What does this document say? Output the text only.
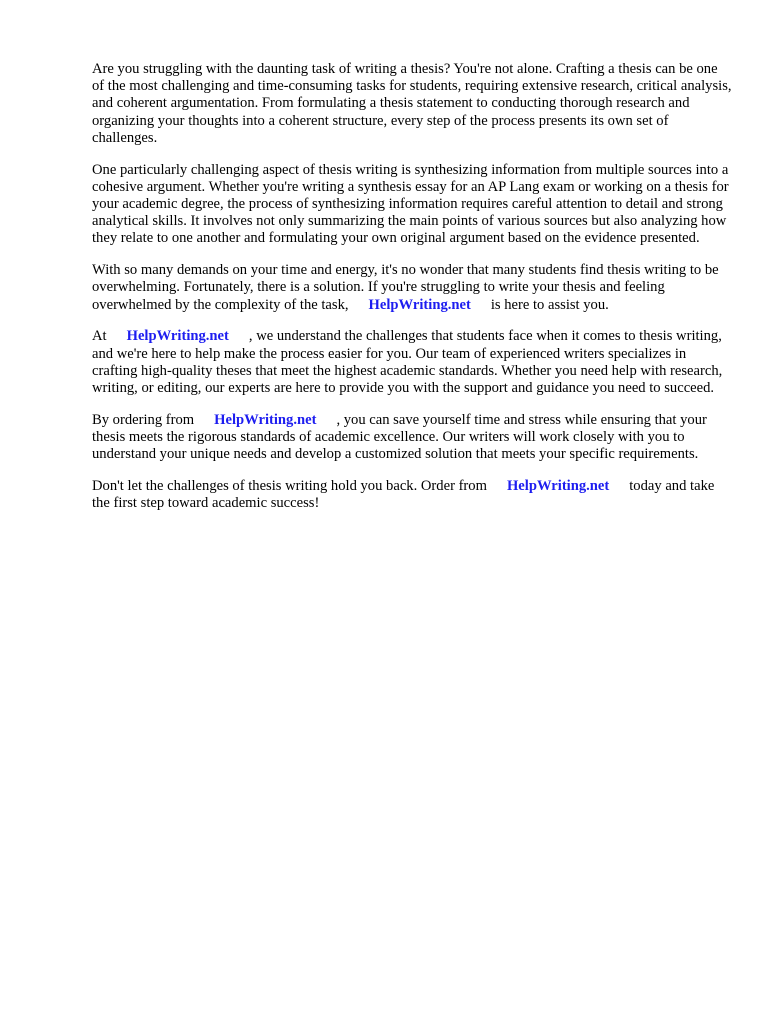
Are you struggling with the daunting task of writing a thesis? You're not alone. Crafting a thesis can be one of the most challenging and time-consuming tasks for students, requiring extensive research, critical analysis, and coherent argumentation. From formulating a thesis statement to conducting thorough research and organizing your thoughts into a coherent structure, every step of the process presents its own set of challenges.

One particularly challenging aspect of thesis writing is synthesizing information from multiple sources into a cohesive argument. Whether you're writing a synthesis essay for an AP Lang exam or working on a thesis for your academic degree, the process of synthesizing information requires careful attention to detail and strong analytical skills. It involves not only summarizing the main points of various sources but also analyzing how they relate to one another and formulating your own original argument based on the evidence presented.

With so many demands on your time and energy, it's no wonder that many students find thesis writing to be overwhelming. Fortunately, there is a solution. If you're struggling to write your thesis and feeling overwhelmed by the complexity of the task, HelpWriting.net is here to assist you.

At HelpWriting.net , we understand the challenges that students face when it comes to thesis writing, and we're here to help make the process easier for you. Our team of experienced writers specializes in crafting high-quality theses that meet the highest academic standards. Whether you need help with research, writing, or editing, our experts are here to provide you with the support and guidance you need to succeed.

By ordering from HelpWriting.net , you can save yourself time and stress while ensuring that your thesis meets the rigorous standards of academic excellence. Our writers will work closely with you to understand your unique needs and develop a customized solution that meets your specific requirements.

Don't let the challenges of thesis writing hold you back. Order from HelpWriting.net today and take the first step toward academic success!
